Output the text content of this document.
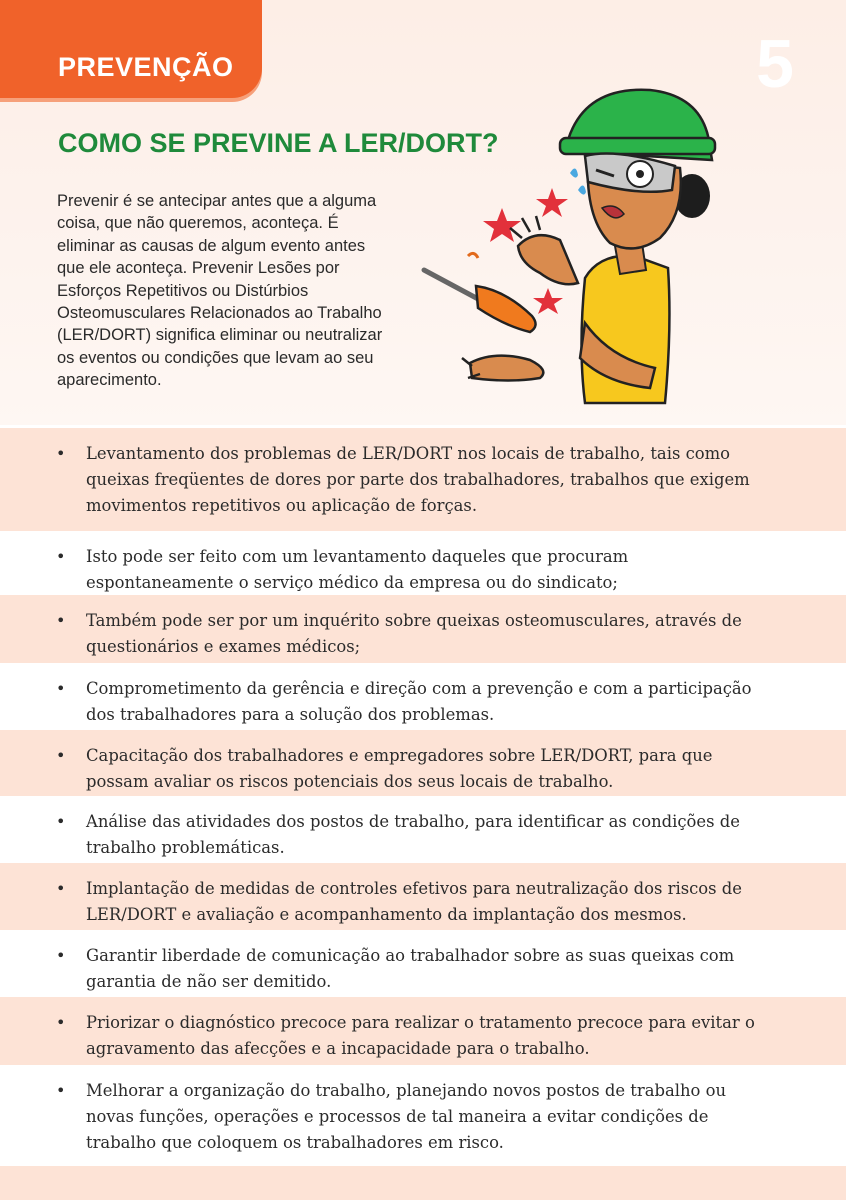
PREVENÇÃO	5
COMO SE PREVINE A LER/DORT?

Prevenir é se antecipar antes que a alguma coisa, que não queremos, aconteça. É eliminar as causas de algum evento antes que ele aconteça. Prevenir Lesões por Esforços Repetitivos ou Distúrbios Osteomusculares Relacionados ao Trabalho (LER/DORT) significa eliminar ou neutralizar os eventos ou condições que levam ao seu aparecimento.

• Levantamento dos problemas de LER/DORT nos locais de trabalho, tais como queixas freqüentes de dores por parte dos trabalhadores, trabalhos que exigem movimentos repetitivos ou aplicação de forças.
• Isto pode ser feito com um levantamento daqueles que procuram espontaneamente o serviço médico da empresa ou do sindicato;
• Também pode ser por um inquérito sobre queixas osteomusculares, através de questionários e exames médicos;
• Comprometimento da gerência e direção com a prevenção e com a participação dos trabalhadores para a solução dos problemas.
• Capacitação dos trabalhadores e empregadores sobre LER/DORT, para que possam avaliar os riscos potenciais dos seus locais de trabalho.
• Análise das atividades dos postos de trabalho, para identificar as condições de trabalho problemáticas.
• Implantação de medidas de controles efetivos para neutralização dos riscos de LER/DORT e avaliação e acompanhamento da implantação dos mesmos.
• Garantir liberdade de comunicação ao trabalhador sobre as suas queixas com garantia de não ser demitido.
• Priorizar o diagnóstico precoce para realizar o tratamento precoce para evitar o agravamento das afecções e a incapacidade para o trabalho.
• Melhorar a organização do trabalho, planejando novos postos de trabalho ou novas funções, operações e processos de tal maneira a evitar condições de trabalho que coloquem os trabalhadores em risco.
